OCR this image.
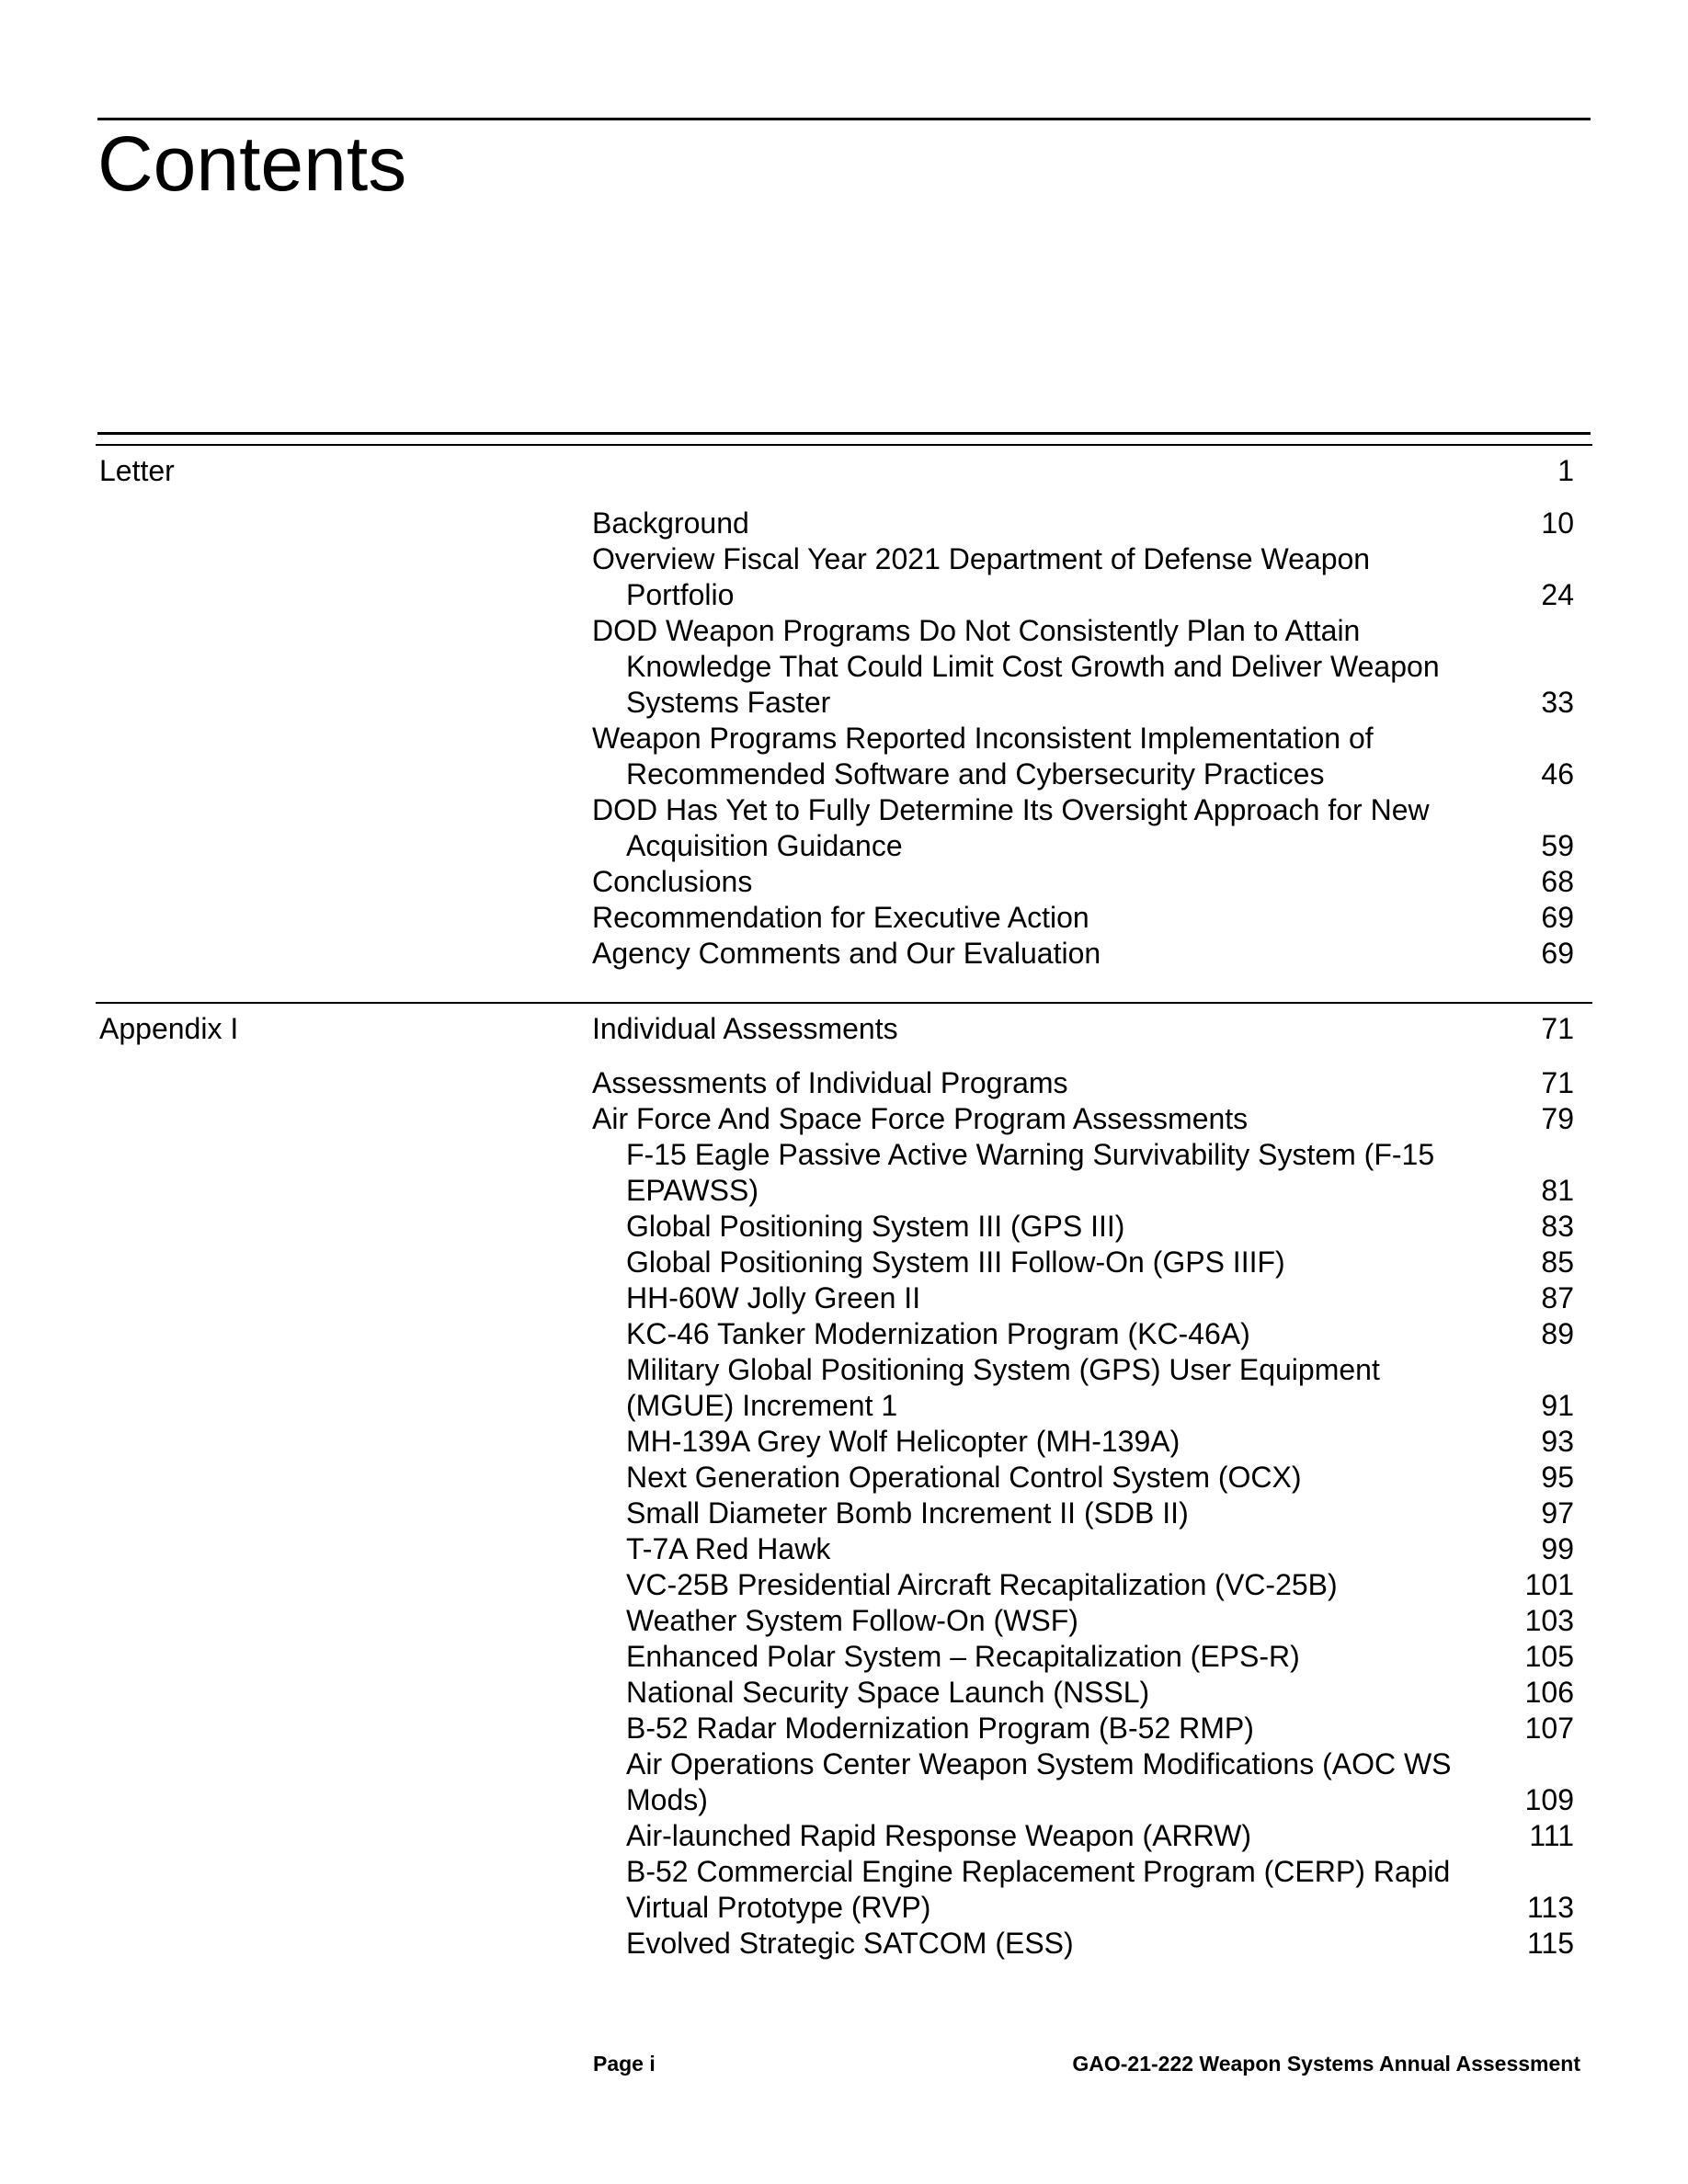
Contents
Letter	1
Background	10
Overview Fiscal Year 2021 Department of Defense Weapon
Portfolio	24
DOD Weapon Programs Do Not Consistently Plan to Attain
Knowledge That Could Limit Cost Growth and Deliver Weapon
Systems Faster	33
Weapon Programs Reported Inconsistent Implementation of
Recommended Software and Cybersecurity Practices	46
DOD Has Yet to Fully Determine Its Oversight Approach for New
Acquisition Guidance	59
Conclusions	68
Recommendation for Executive Action	69
Agency Comments and Our Evaluation	69
Appendix I	Individual Assessments	71
Assessments of Individual Programs	71
Air Force And Space Force Program Assessments	79
F-15 Eagle Passive Active Warning Survivability System (F-15
EPAWSS)	81
Global Positioning System III (GPS III)	83
Global Positioning System III Follow-On (GPS IIIF)	85
HH-60W Jolly Green II	87
KC-46 Tanker Modernization Program (KC-46A)	89
Military Global Positioning System (GPS) User Equipment
(MGUE) Increment 1	91
MH-139A Grey Wolf Helicopter (MH-139A)	93
Next Generation Operational Control System (OCX)	95
Small Diameter Bomb Increment II (SDB II)	97
T-7A Red Hawk	99
VC-25B Presidential Aircraft Recapitalization (VC-25B)	101
Weather System Follow-On (WSF)	103
Enhanced Polar System – Recapitalization (EPS-R)	105
National Security Space Launch (NSSL)	106
B-52 Radar Modernization Program (B-52 RMP)	107
Air Operations Center Weapon System Modifications (AOC WS
Mods)	109
Air-launched Rapid Response Weapon (ARRW)	111
B-52 Commercial Engine Replacement Program (CERP) Rapid
Virtual Prototype (RVP)	113
Evolved Strategic SATCOM (ESS)	115
Page i	GAO-21-222 Weapon Systems Annual Assessment
